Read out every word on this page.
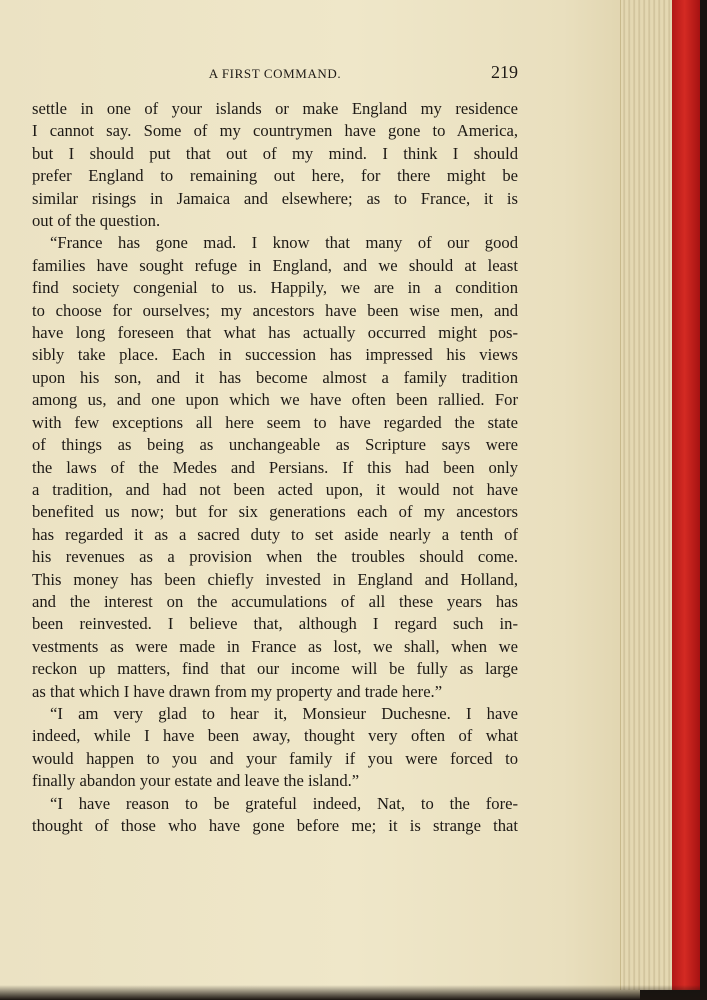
A FIRST COMMAND.	219
settle in one of your islands or make England my residence
I cannot say. Some of my countrymen have gone to America,
but I should put that out of my mind. I think I should
prefer England to remaining out here, for there might be
similar risings in Jamaica and elsewhere; as to France, it is
out of the question.
“France has gone mad. I know that many of our good
families have sought refuge in England, and we should at least
find society congenial to us. Happily, we are in a condition
to choose for ourselves; my ancestors have been wise men, and
have long foreseen that what has actually occurred might pos-
sibly take place. Each in succession has impressed his views
upon his son, and it has become almost a family tradition
among us, and one upon which we have often been rallied. For
with few exceptions all here seem to have regarded the state
of things as being as unchangeable as Scripture says were
the laws of the Medes and Persians. If this had been only
a tradition, and had not been acted upon, it would not have
benefited us now; but for six generations each of my ancestors
has regarded it as a sacred duty to set aside nearly a tenth of
his revenues as a provision when the troubles should come.
This money has been chiefly invested in England and Holland,
and the interest on the accumulations of all these years has
been reinvested. I believe that, although I regard such in-
vestments as were made in France as lost, we shall, when we
reckon up matters, find that our income will be fully as large
as that which I have drawn from my property and trade here.”
“I am very glad to hear it, Monsieur Duchesne. I have
indeed, while I have been away, thought very often of what
would happen to you and your family if you were forced to
finally abandon your estate and leave the island.”
“I have reason to be grateful indeed, Nat, to the fore-
thought of those who have gone before me; it is strange that
